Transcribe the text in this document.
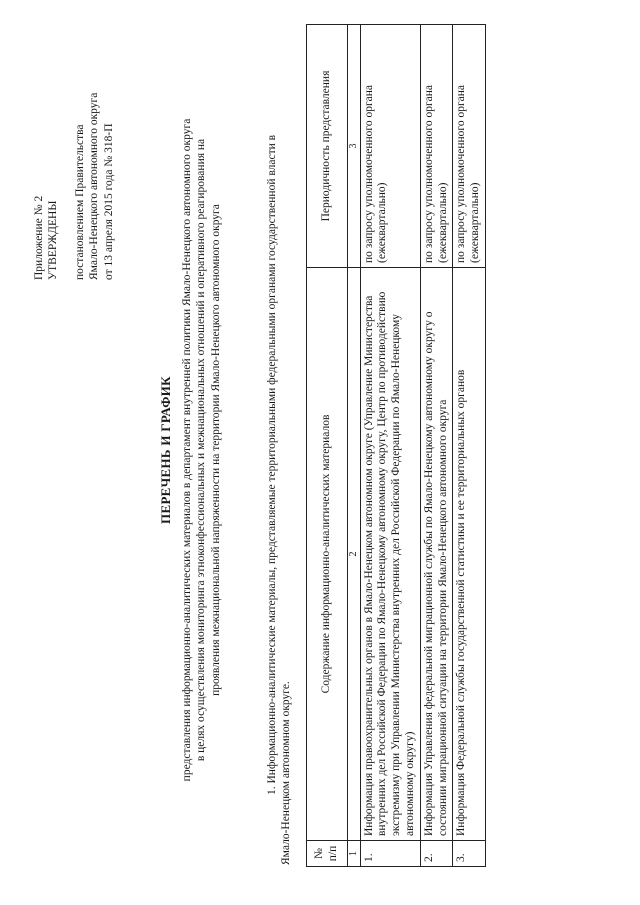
Приложение № 2 УТВЕРЖДЕНЫ постановлением Правительства Ямало-Ненецкого автономного округа от 13 апреля 2015 года № 318-П
ПЕРЕЧЕНЬ И ГРАФИК представления информационно-аналитических материалов в департамент внутренней политики Ямало-Ненецкого автономного округа в целях осуществления мониторинга этноконфессиональных и межнациональных отношений и оперативного реагирования на проявления межнациональной напряженности на территории Ямало-Ненецкого автономного округа	1. Информационно-аналитические материалы, представляемые территориальными федеральными органами государственной власти в Ямало-Ненецком автономном округе. № п/п	Содержание информационно-аналитических материалов	Периодичность представления
1	2	3
1.	Информация правоохранительных органов в Ямало-Ненецком автономном округе (Управление Министерства внутренних дел Российской Федерации по Ямало-Ненецкому автономному округу, Центр по противодействию экстремизму при Управлении Министерства внутренних дел Российской Федерации по Ямало-Ненецкому автономному округу)	по запросу уполномоченного органа (ежеквартально)
2.	Информация Управления федеральной миграционной службы по Ямало-Ненецкому автономному округу о состоянии миграционной ситуации на территории Ямало-Ненецкого автономного округа	по запросу уполномоченного органа (ежеквартально)
3.	Информация Федеральной службы государственной статистики и ее территориальных органов	по запросу уполномоченного органа (ежеквартально)
